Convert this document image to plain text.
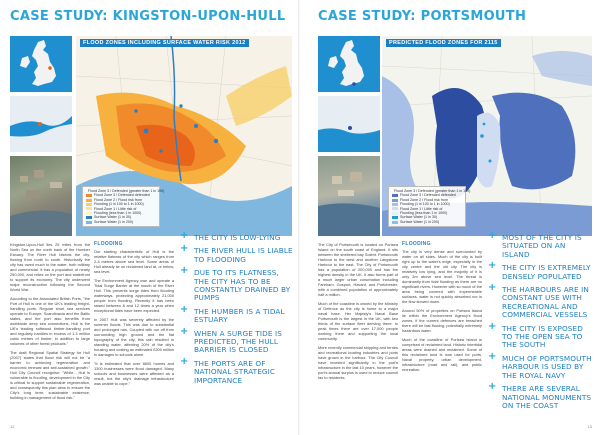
CASE STUDY: KINGSTON-UPON-HULL
FLOOD ZONES INCLUDING SURFACE WATER RISK 2012
Flood Zone 3 / Defended (greater than 1 in 100)
Flood Zone 3 / Defended defended
Flood Zone 2 / Flood risk from
Flooding (1 in 100 to 1 in 1000)
Flood Zone 1 / Little risk of
Flooding (less than 1 in 1000)
Surface Water (1 in 30)
Surface Water (1 in 200)

Kingston-Upon-Hull lies 25 miles from the North Sea on the north bank of the Humber Estuary. The River Hull bisects the city, flowing from north to south. Historically the city has owed much to the water, both military and commercial. It has a population of nearly 250,000, and relies on the port and waterfront to support its economy. The city underwent major reconstruction following the Second World War.

According to the Associated British Ports, "the Port of Hull is one of the UK's leading freight-handling ports. Regular short sea services operate to Europe, Scandinavia and the Baltic states, and the port also benefits from worldwide deep sea connections. Hull is the UK's leading softwood timber-handling port and regularly handles in excess of 1.3 million cubic metres of timber, in addition to large volumes of other forest products."

The draft Regional Spatial Strategy for Hull (2007) states that flood risk will not be "a barrier to achieving regeneration and economic renewal and self-sustained growth." Hull City Council recognise: "While... Hull is vulnerable to flooding, development in the City is critical to support sustainable regeneration, and consequently this plan aims to ensure the City's long term, sustainable existence, building in management of flood risk."

FLOODING

Our starting characteristic of Hull is the relative flatness of the city which ranges from 2-4 metres above sea level. Some areas of Hull already lie on reclaimed land at, or below, sea level.

The Environment Agency own and operate a Tidal Surge Barrier at the mouth of the River Hull. This prevents surge tides from flooding waterways, protecting approximately 21,000 people from flooding. Recently it has been raised between 8 and 12 times a year when exceptional tides have been expected.

In 2007 Hull was severely affected by the summer floods. This was due to substantial and prolonged rain. Coupled with run off from surrounding high ground and the flat topography of the city, this rain resulted in standing water, affecting 20% of the city's housing and costing an estimated £200 million in damages to schools alone.

"It is estimated that over 8600 homes and 1300 businesses were flood damaged. Many schools and businesses were affected as a result, but the city's drainage infrastructure was unable to cope."

+ THE CITY IS LOW-LYING
+ THE RIVER HULL IS LIABLE TO FLOODING
+ DUE TO ITS FLATNESS, THE CITY HAS TO BE CONSTANTLY DRAINED BY PUMPS
+ THE HUMBER IS A TIDAL ESTUARY
+ WHEN A SURGE TIDE IS PREDICTED, THE HULL BARRIER IS CLOSED
+ THE PORTS ARE OF NATIONAL STRATEGIC IMPORTANCE
12
CASE STUDY: PORTSMOUTH
PREDICTED FLOOD ZONES FOR 2115
Flood Zone 3 / Defended (greater than 1 in 100)
Flood Zone 3 / Defended defended
Flood Zone 2 / Flood risk from
Flooding (1 in 100 to 1 in 1000)
Flood Zone 1 / Little risk of
Flooding (less than 1 in 1000)
Surface Water (1 in 30)
Surface Water (1 in 200)

The City of Portsmouth is located on Portsea Island on the south coast of England. It sits between the sheltered bay Solent. Portsmouth Harbour to the west and another Langstone Harbour to the east. The City of Portsmouth has a population of 200,000 and has the highest density in the UK. It also forms part of a much larger urban conurbation including Fareham, Gosport, Havant, and Portchester, with a combined population of approximately half a million.

Much of the coastline is owned by the Ministry of Defence as the city is home to a major naval base. Her Majesty's Naval Base Portsmouth is the largest in the UK, with two thirds of the surface fleet deriving there. In peak times there are over 17,000 people working there and supporting the local community.

More recently commercial shipping and ferries and recreational boating industries and ports have grown in the harbour. The City Council have invested significantly in the port's infrastructure in the last 10 years, however the port's annual surplus is used to reduce council tax to residents.

FLOODING

The city is very dense and surrounded by water on all sides. Much of the city is built right up to the water's edge, especially in the city centre and the old city. The city is relatively low lying, and the majority of it is only 3m above sea level. The threat is dominantly from tidal flooding as there are no significant rivers. However with so much of the area being covered with impermeable surfaces, water is not quickly absorbed nor is the flow slowed down.

Around 50% of properties on Portsea Island lie within the Environment Agency's flood zones, if the current defences are breached there will be fast flowing, potentially extremely hazardous water.

Much of the coastline of Portsea Island is comprised of reclaimed land. Historic intertidal areas were drained and reclaimed. Some of this reclaimed land is now used for ports, Naval property, urban development, infrastructure (road and rail), and public recreation.

+ MOST OF THE CITY IS SITUATED ON AN ISLAND
+ THE CITY IS EXTREMELY DENSELY POPULATED
+ THE HARBOURS ARE IN CONSTANT USE WITH RECREATIONAL AND COMMERCIAL VESSELS
+ THE CITY IS EXPOSED TO THE OPEN SEA TO THE SOUTH
+ MUCH OF PORTSMOUTH HARBOUR IS USED BY THE ROYAL NAVY
+ THERE ARE SEVERAL NATIONAL MONUMENTS ON THE COAST
13
